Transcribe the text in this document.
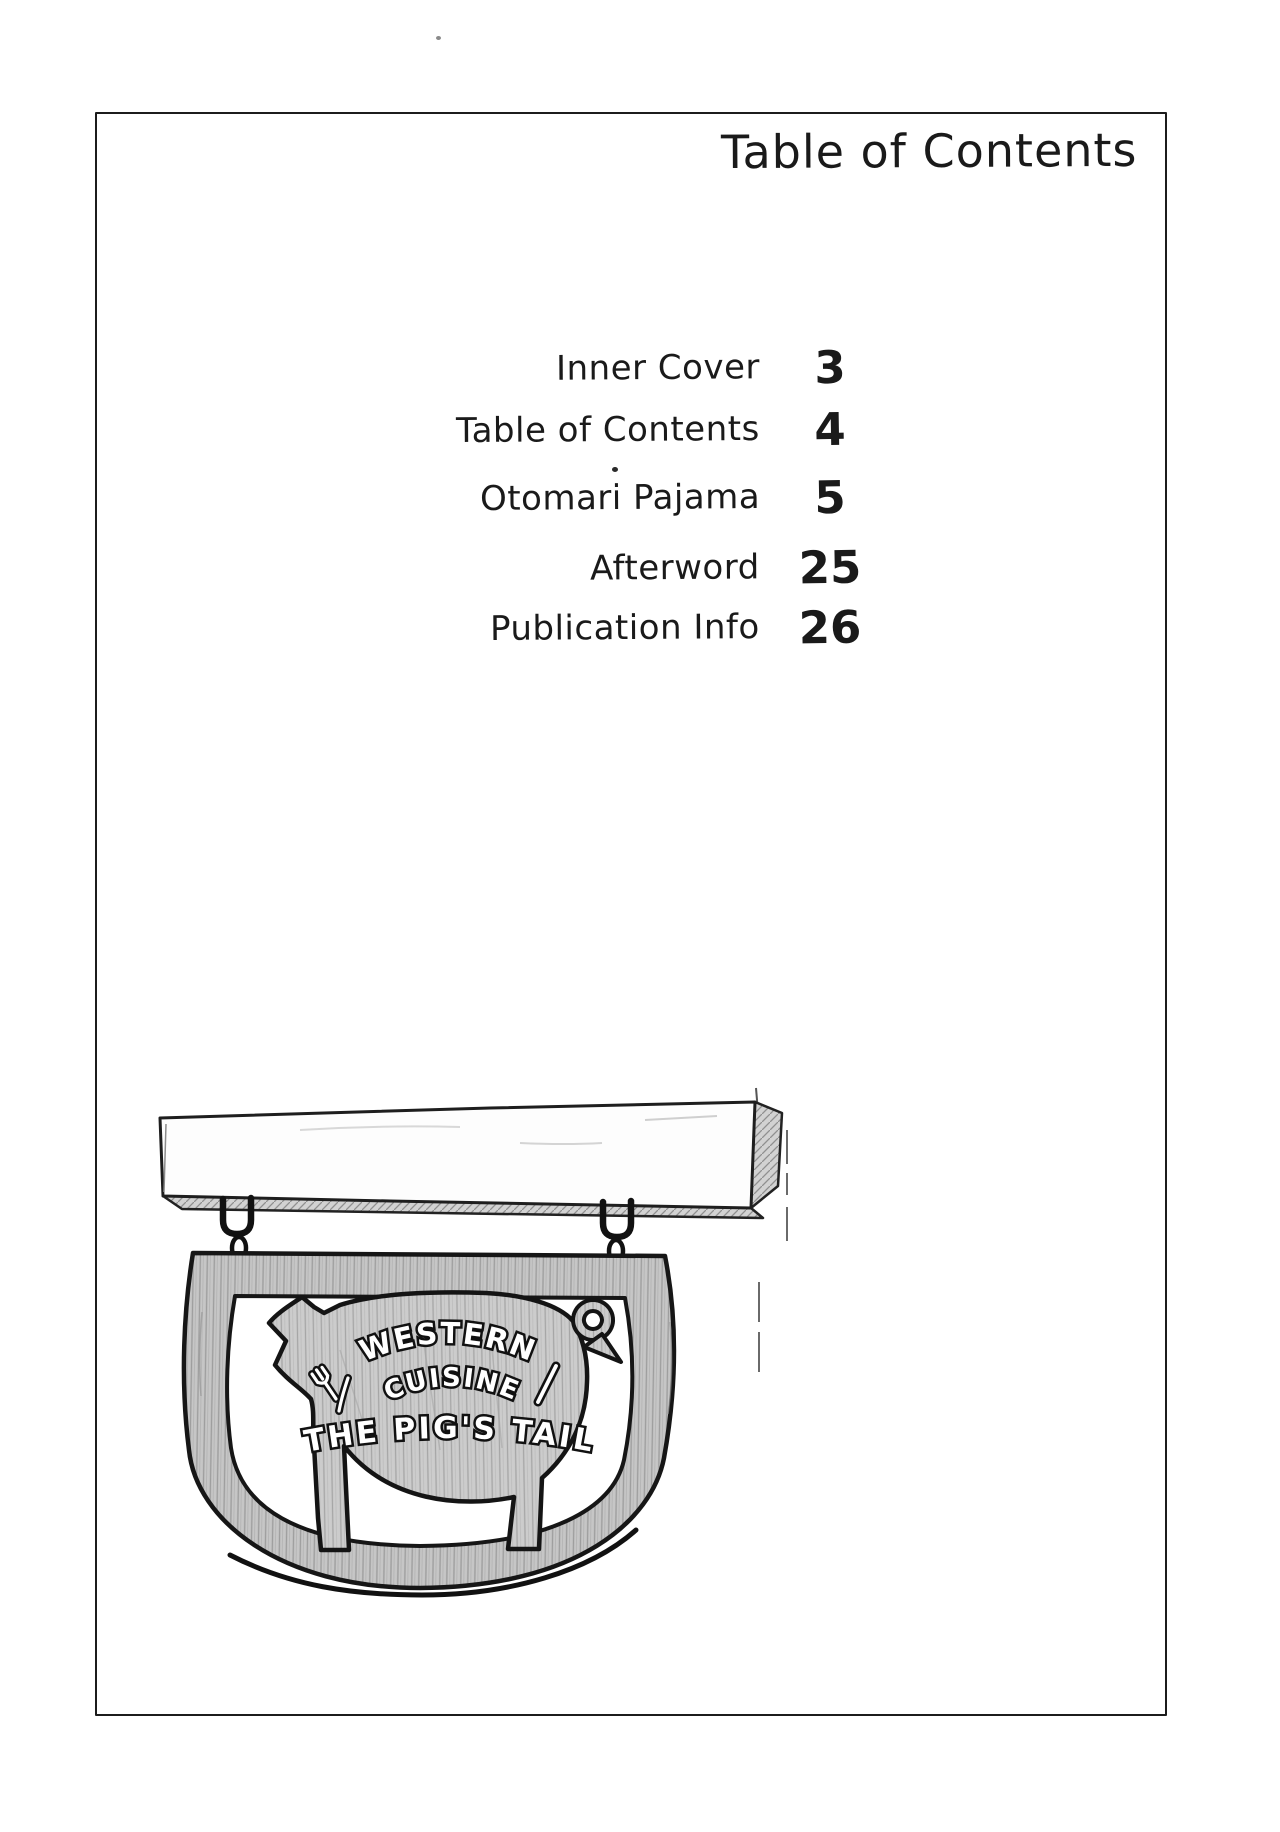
Table of Contents
Inner Cover	3
Table of Contents	4
Otomari Pajama	5
Afterword 25
Publication Info 26
WESTERN
CUISINE
THE PIG'S TAIL
